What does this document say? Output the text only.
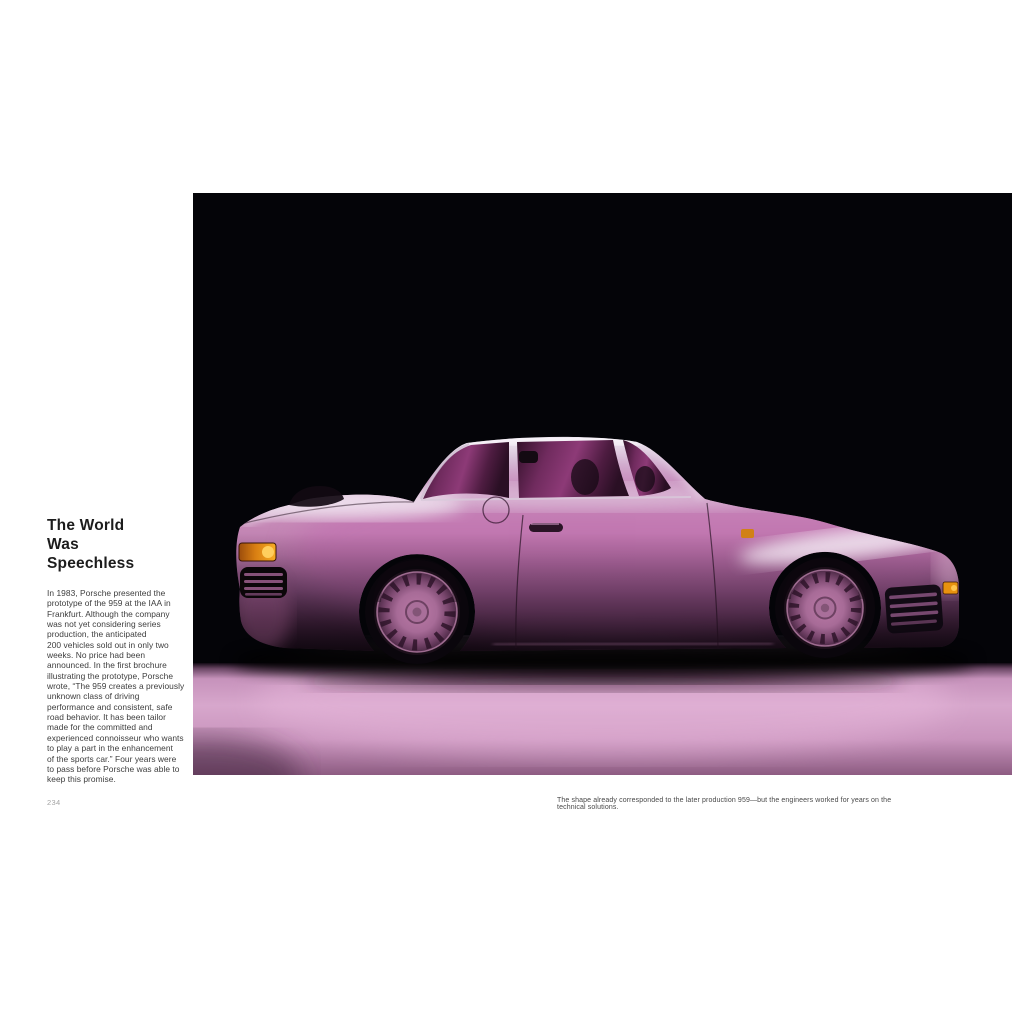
The World
Was
Speechless
In 1983, Porsche presented the
prototype of the 959 at the IAA in
Frankfurt. Although the company
was not yet considering series
production, the anticipated
200 vehicles sold out in only two
weeks. No price had been
announced. In the first brochure
illustrating the prototype, Porsche
wrote, “The 959 creates a previously
unknown class of driving
performance and consistent, safe
road behavior. It has been tailor
made for the committed and
experienced connoisseur who wants
to play a part in the enhancement
of the sports car.” Four years were
to pass before Porsche was able to
keep this promise.
234	The shape already corresponded to the later production 959—but the engineers worked for years on the technical solutions.
